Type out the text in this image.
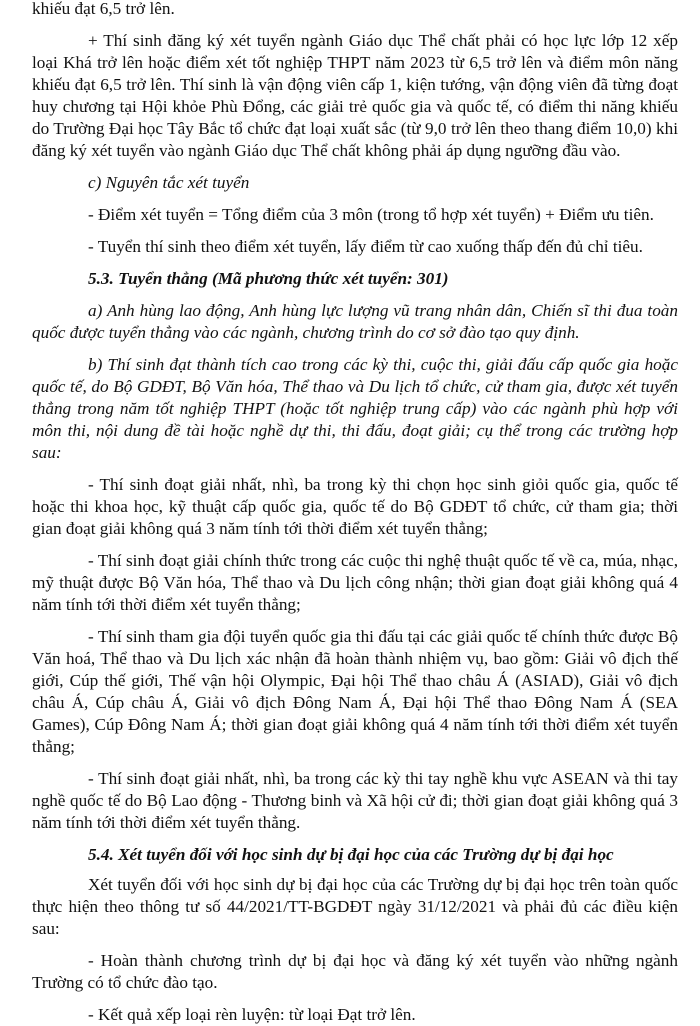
khiếu đạt 6,5 trở lên.

+ Thí sinh đăng ký xét tuyển ngành Giáo dục Thể chất phải có học lực lớp 12 xếp loại Khá trở lên hoặc điểm xét tốt nghiệp THPT năm 2023 từ 6,5 trở lên và điểm môn năng khiếu đạt 6,5 trở lên. Thí sinh là vận động viên cấp 1, kiện tướng, vận động viên đã từng đoạt huy chương tại Hội khỏe Phù Đổng, các giải trẻ quốc gia và quốc tế, có điểm thi năng khiếu do Trường Đại học Tây Bắc tổ chức đạt loại xuất sắc (từ 9,0 trở lên theo thang điểm 10,0) khi đăng ký xét tuyển vào ngành Giáo dục Thể chất không phải áp dụng ngưỡng đầu vào.

c) Nguyên tắc xét tuyển

- Điểm xét tuyển = Tổng điểm của 3 môn (trong tổ hợp xét tuyển) + Điểm ưu tiên.

- Tuyển thí sinh theo điểm xét tuyển, lấy điểm từ cao xuống thấp đến đủ chỉ tiêu.

5.3. Tuyển thẳng (Mã phương thức xét tuyển: 301)

a) Anh hùng lao động, Anh hùng lực lượng vũ trang nhân dân, Chiến sĩ thi đua toàn quốc được tuyển thẳng vào các ngành, chương trình do cơ sở đào tạo quy định.

b) Thí sinh đạt thành tích cao trong các kỳ thi, cuộc thi, giải đấu cấp quốc gia hoặc quốc tế, do Bộ GDĐT, Bộ Văn hóa, Thể thao và Du lịch tổ chức, cử tham gia, được xét tuyển thẳng trong năm tốt nghiệp THPT (hoặc tốt nghiệp trung cấp) vào các ngành phù hợp với môn thi, nội dung đề tài hoặc nghề dự thi, thi đấu, đoạt giải; cụ thể trong các trường hợp sau:

- Thí sinh đoạt giải nhất, nhì, ba trong kỳ thi chọn học sinh giỏi quốc gia, quốc tế hoặc thi khoa học, kỹ thuật cấp quốc gia, quốc tế do Bộ GDĐT tổ chức, cử tham gia; thời gian đoạt giải không quá 3 năm tính tới thời điểm xét tuyển thẳng;

- Thí sinh đoạt giải chính thức trong các cuộc thi nghệ thuật quốc tế về ca, múa, nhạc, mỹ thuật được Bộ Văn hóa, Thể thao và Du lịch công nhận; thời gian đoạt giải không quá 4 năm tính tới thời điểm xét tuyển thẳng;

- Thí sinh tham gia đội tuyển quốc gia thi đấu tại các giải quốc tế chính thức được Bộ Văn hoá, Thể thao và Du lịch xác nhận đã hoàn thành nhiệm vụ, bao gồm: Giải vô địch thế giới, Cúp thế giới, Thế vận hội Olympic, Đại hội Thể thao châu Á (ASIAD), Giải vô địch châu Á, Cúp châu Á, Giải vô địch Đông Nam Á, Đại hội Thể thao Đông Nam Á (SEA Games), Cúp Đông Nam Á; thời gian đoạt giải không quá 4 năm tính tới thời điểm xét tuyển thẳng;

- Thí sinh đoạt giải nhất, nhì, ba trong các kỳ thi tay nghề khu vực ASEAN và thi tay nghề quốc tế do Bộ Lao động - Thương binh và Xã hội cử đi; thời gian đoạt giải không quá 3 năm tính tới thời điểm xét tuyển thẳng.

5.4. Xét tuyển đối với học sinh dự bị đại học của các Trường dự bị đại học

Xét tuyển đối với học sinh dự bị đại học của các Trường dự bị đại học trên toàn quốc thực hiện theo thông tư số 44/2021/TT-BGDĐT ngày 31/12/2021 và phải đủ các điều kiện sau:

- Hoàn thành chương trình dự bị đại học và đăng ký xét tuyển vào những ngành Trường có tổ chức đào tạo.

- Kết quả xếp loại rèn luyện: từ loại Đạt trở lên.
